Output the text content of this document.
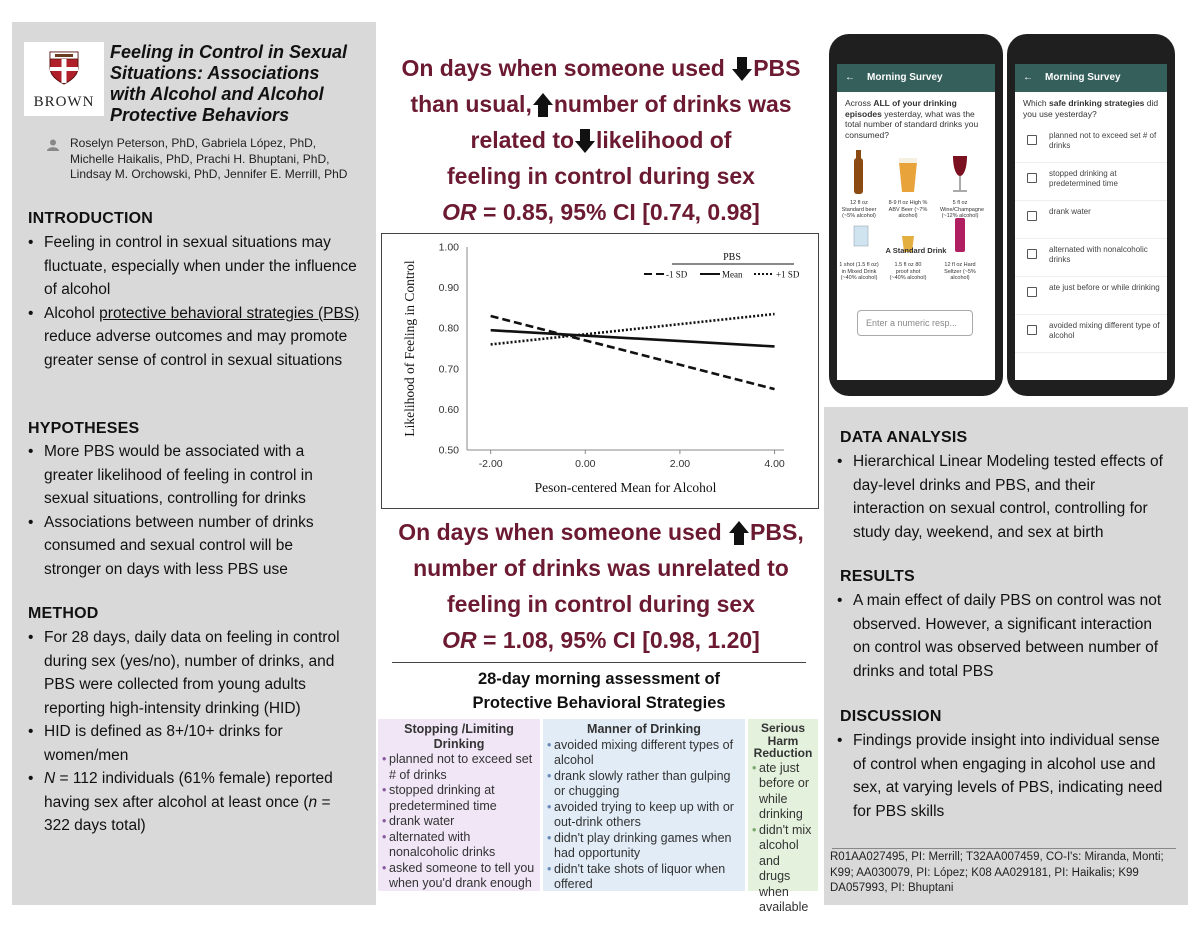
BROWN
Feeling in Control in Sexual Situations: Associations with Alcohol and Alcohol Protective Behaviors
Roselyn Peterson, PhD, Gabriela López, PhD,
Michelle Haikalis, PhD, Prachi H. Bhuptani, PhD,
Lindsay M. Orchowski, PhD, Jennifer E. Merrill, PhD
INTRODUCTION
• Feeling in control in sexual situations may fluctuate, especially when under the influence of alcohol
• Alcohol protective behavioral strategies (PBS) reduce adverse outcomes and may promote greater sense of control in sexual situations
HYPOTHESES
• More PBS would be associated with a greater likelihood of feeling in control in sexual situations, controlling for drinks
• Associations between number of drinks consumed and sexual control will be stronger on days with less PBS use
METHOD
• For 28 days, daily data on feeling in control during sex (yes/no), number of drinks, and PBS were collected from young adults reporting high-intensity drinking (HID)
• HID is defined as 8+/10+ drinks for women/men
• N = 112 individuals (61% female) reported having sex after alcohol at least once (n = 322 days total)
On days when someone used PBS
than usual, number of drinks was
related to likelihood of
feeling in control during sex
OR = 0.85, 95% CI [0.74, 0.98]
0.50
0.60
0.70
0.80
0.90
1.00
-2.00	0.00	2.00	4.00
Peson-centered Mean for Alcohol
Likelihood of Feeling in Control
PBS
-1 SD	Mean	+1 SD
On days when someone used PBS,
number of drinks was unrelated to
feeling in control during sex
OR = 1.08, 95% CI [0.98, 1.20]
28-day morning assessment of
Protective Behavioral Strategies
Stopping /Limiting Drinking
• planned not to exceed set # of drinks
• stopped drinking at predetermined time
• drank water
• alternated with nonalcoholic drinks
• asked someone to tell you when you'd drank enough
Manner of Drinking
• avoided mixing different types of alcohol
• drank slowly rather than gulping or chugging
• avoided trying to keep up with or out-drink others
• didn't play drinking games when had opportunity
• didn't take shots of liquor when offered
Serious Harm Reduction
• ate just before or while drinking
• didn't mix alcohol and drugs when available
← Morning Survey
Across ALL of your drinking episodes yesterday, what was the total number of standard drinks you consumed?
12 fl oz Standard beer (~5% alcohol)
8-9 fl oz High % ABV Beer (~7% alcohol)
5 fl oz Wine/Champagne (~12% alcohol)
A Standard Drink
1 shot (1.5 fl oz) in Mixed Drink (~40% alcohol)
1.5 fl oz 80 proof shot (~40% alcohol)
12 fl oz Hard Seltzer (~5% alcohol)
Enter a numeric resp...
← Morning Survey
Which safe drinking strategies did you use yesterday?
planned not to exceed set # of drinks
stopped drinking at predetermined time
drank water
alternated with nonalcoholic drinks
ate just before or while drinking
avoided mixing different type of alcohol
DATA ANALYSIS
• Hierarchical Linear Modeling tested effects of day-level drinks and PBS, and their interaction on sexual control, controlling for study day, weekend, and sex at birth
RESULTS
• A main effect of daily PBS on control was not observed. However, a significant interaction on control was observed between number of drinks and total PBS
DISCUSSION
• Findings provide insight into individual sense of control when engaging in alcohol use and sex, at varying levels of PBS, indicating need for PBS skills
R01AA027495, PI: Merrill; T32AA007459, CO-I's: Miranda, Monti; K99; AA030079, PI: López; K08 AA029181, PI: Haikalis; K99 DA057993, PI: Bhuptani
